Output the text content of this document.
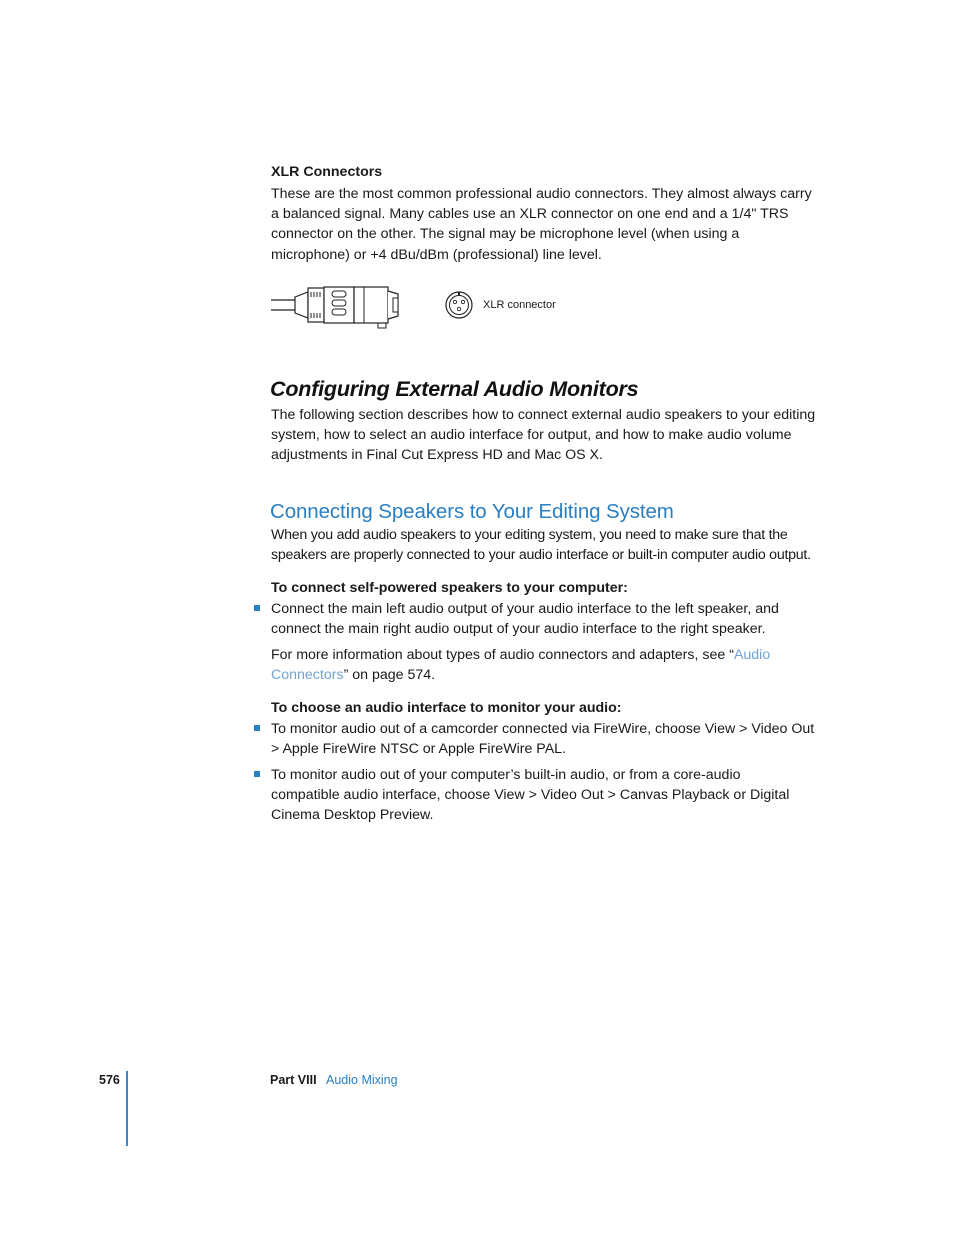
XLR Connectors
These are the most common professional audio connectors. They almost always carry
a balanced signal. Many cables use an XLR connector on one end and a 1/4" TRS
connector on the other. The signal may be microphone level (when using a
microphone) or +4 dBu/dBm (professional) line level.
XLR connector
Configuring External Audio Monitors
The following section describes how to connect external audio speakers to your editing
system, how to select an audio interface for output, and how to make audio volume
adjustments in Final Cut Express HD and Mac OS X.
Connecting Speakers to Your Editing System
When you add audio speakers to your editing system, you need to make sure that the
speakers are properly connected to your audio interface or built-in computer audio output.
To connect self-powered speakers to your computer:
Connect the main left audio output of your audio interface to the left speaker, and
connect the main right audio output of your audio interface to the right speaker.
For more information about types of audio connectors and adapters, see “Audio
Connectors” on page 574.
To choose an audio interface to monitor your audio:
To monitor audio out of a camcorder connected via FireWire, choose View > Video Out
> Apple FireWire NTSC or Apple FireWire PAL.
To monitor audio out of your computer’s built-in audio, or from a core-audio
compatible audio interface, choose View > Video Out > Canvas Playback or Digital
Cinema Desktop Preview.
576	Part VIII Audio Mixing
